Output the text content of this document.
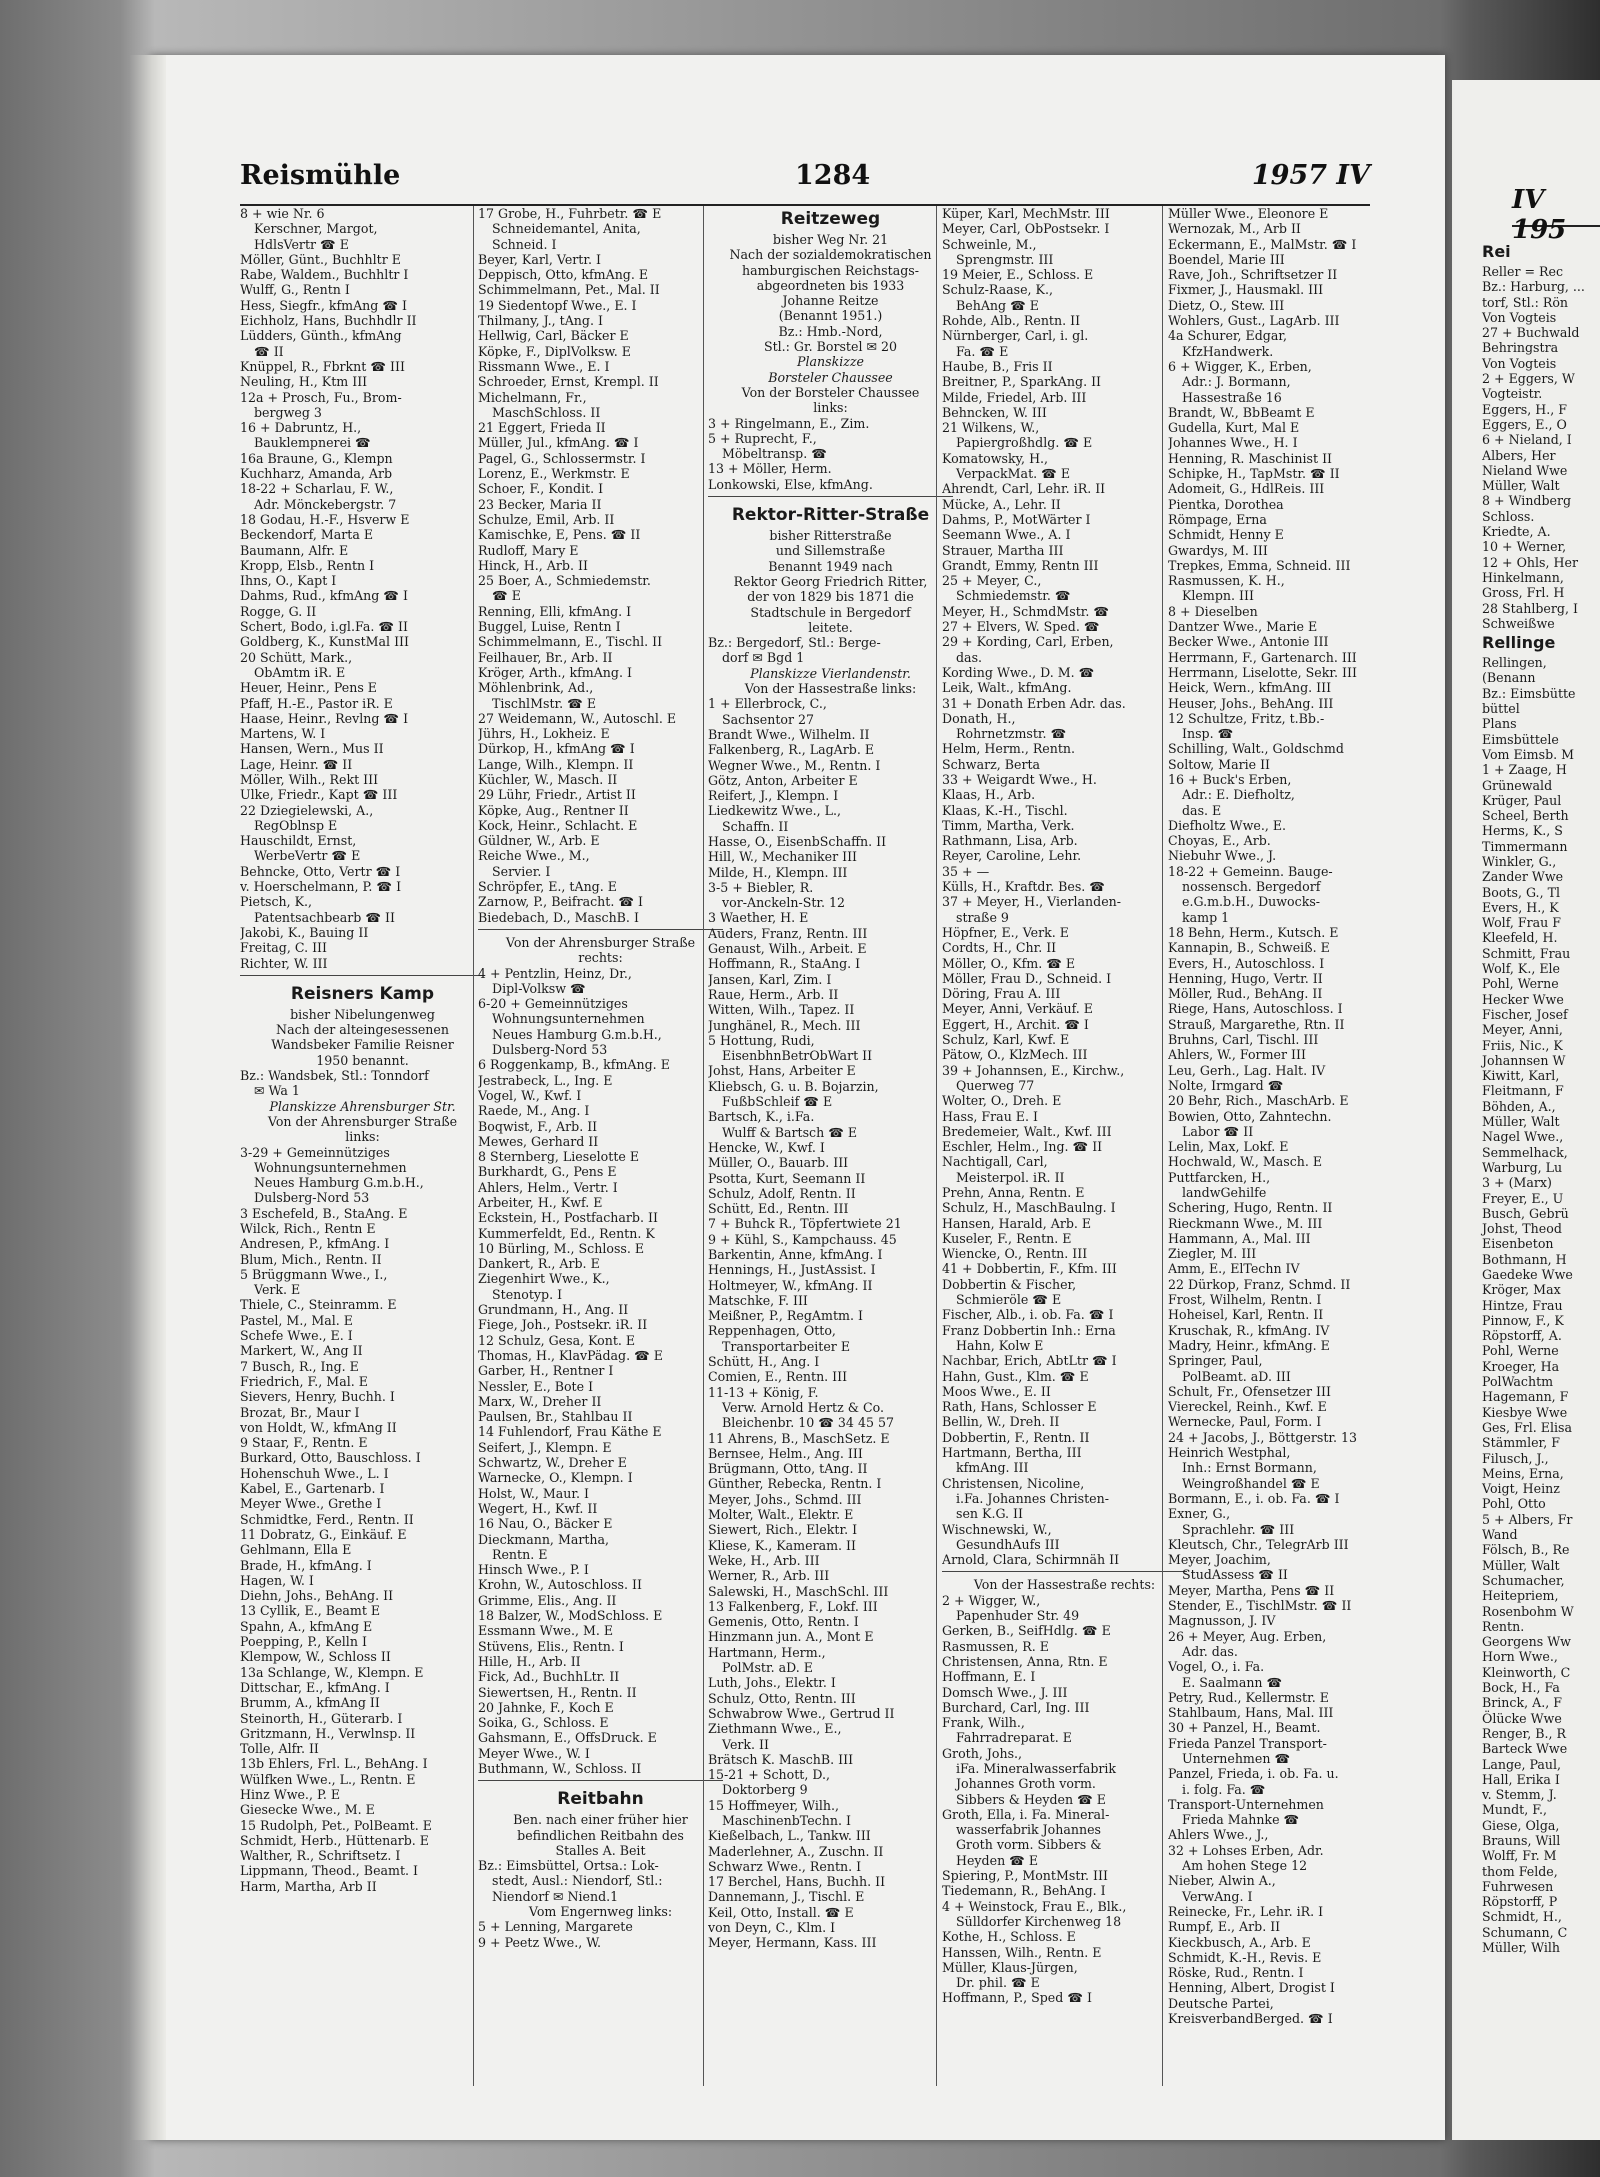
IV 195

Rei

Reller = Rec

Bz.: Harburg, ...

torf, Stl.: Rön

Von Vogteis

27 + Buchwald

Behringstra

Von Vogteis

2 + Eggers, W

Vogteistr.

Eggers, H., F

Eggers, E., O

6 + Nieland, I

Albers, Her

Nieland Wwe

Müller, Walt

8 + Windberg

Schloss.

Kriedte, A.

10 + Werner,

12 + Ohls, Her

Hinkelmann,

Gross, Frl. H

28 Stahlberg, I

Schweißwe

Rellinge

Rellingen,

(Benann

Bz.: Eimsbütte

büttel

Plans

Eimsbüttele

Vom Eimsb. M

1 + Zaage, H

Grünewald

Krüger, Paul

Scheel, Berth

Herms, K., S

Timmermann

Winkler, G.,

Zander Wwe

Boots, G., Tl

Evers, H., K

Wolf, Frau F

Kleefeld, H.

Schmitt, Frau

Wolf, K., Ele

Pohl, Werne

Hecker Wwe

Fischer, Josef

Meyer, Anni,

Friis, Nic., K

Johannsen W

Kiwitt, Karl,

Fleitmann, F

Böhden, A.,

Müller, Walt

Nagel Wwe.,

Semmelhack,

Warburg, Lu

3 + (Marx)

Freyer, E., U

Busch, Gebrü

Johst, Theod

Eisenbeton

Bothmann, H

Gaedeke Wwe

Kröger, Max

Hintze, Frau

Pinnow, F., K

Röpstorff, A.

Pohl, Werne

Kroeger, Ha

PolWachtm

Hagemann, F

Kiesbye Wwe

Ges, Frl. Elisa

Stämmler, F

Filusch, J.,

Meins, Erna,

Voigt, Heinz

Pohl, Otto

5 + Albers, Fr

Wand

Fölsch, B., Re

Müller, Walt

Schumacher,

Heitepriem,

Rosenbohm W

Rentn.

Georgens Ww

Horn Wwe.,

Kleinworth, C

Bock, H., Fa

Brinck, A., F

Ölücke Wwe

Renger, B., R

Barteck Wwe

Lange, Paul,

Hall, Erika I

v. Stemm, J.

Mundt, F.,

Giese, Olga,

Brauns, Will

Wolff, Fr. M

thom Felde,

Fuhrwesen

Röpstorff, P

Schmidt, H.,

Schumann, C

Müller, Wilh

Reismühle	1284	1957 IV

8 + wie Nr. 6

Kerschner, Margot,

HdlsVertr ☎ E

Möller, Günt., Buchhltr E

Rabe, Waldem., Buchhltr I

Wulff, G., Rentn I

Hess, Siegfr., kfmAng ☎ I

Eichholz, Hans, Buchhdlr II

Lüdders, Günth., kfmAng

☎ II

Knüppel, R., Fbrknt ☎ III

Neuling, H., Ktm III

12a + Prosch, Fu., Brom-

bergweg 3

16 + Dabruntz, H.,

Bauklempnerei ☎

16a Braune, G., Klempn

Kuchharz, Amanda, Arb

18-22 + Scharlau, F. W.,

Adr. Mönckebergstr. 7

18 Godau, H.-F., Hsverw E

Beckendorf, Marta E

Baumann, Alfr. E

Kropp, Elsb., Rentn I

Ihns, O., Kapt I

Dahms, Rud., kfmAng ☎ I

Rogge, G. II

Schert, Bodo, i.gl.Fa. ☎ II

Goldberg, K., KunstMal III

20 Schütt, Mark.,

ObAmtm iR. E

Heuer, Heinr., Pens E

Pfaff, H.-E., Pastor iR. E

Haase, Heinr., Revlng ☎ I

Martens, W. I

Hansen, Wern., Mus II

Lage, Heinr. ☎ II

Möller, Wilh., Rekt III

Ulke, Friedr., Kapt ☎ III

22 Dziegielewski, A.,

RegOblnsp E

Hauschildt, Ernst,

WerbeVertr ☎ E

Behncke, Otto, Vertr ☎ I

v. Hoerschelmann, P. ☎ I

Pietsch, K.,

Patentsachbearb ☎ II

Jakobi, K., Bauing II

Freitag, C. III

Richter, W. III

Reisners Kamp

bisher Nibelungenweg

Nach der alteingesessenen

Wandsbeker Familie Reisner

1950 benannt.

Bz.: Wandsbek, Stl.: Tonndorf

✉ Wa 1

Planskizze Ahrensburger Str.

Von der Ahrensburger Straße

links:

3-29 + Gemeinnütziges

Wohnungsunternehmen

Neues Hamburg G.m.b.H.,

Dulsberg-Nord 53

3 Eschefeld, B., StaAng. E

Wilck, Rich., Rentn E

Andresen, P., kfmAng. I

Blum, Mich., Rentn. II

5 Brüggmann Wwe., I.,

Verk. E

Thiele, C., Steinramm. E

Pastel, M., Mal. E

Schefe Wwe., E. I

Markert, W., Ang II

7 Busch, R., Ing. E

Friedrich, F., Mal. E

Sievers, Henry, Buchh. I

Brozat, Br., Maur I

von Holdt, W., kfmAng II

9 Staar, F., Rentn. E

Burkard, Otto, Bauschloss. I

Hohenschuh Wwe., L. I

Kabel, E., Gartenarb. I

Meyer Wwe., Grethe I

Schmidtke, Ferd., Rentn. II

11 Dobratz, G., Einkäuf. E

Gehlmann, Ella E

Brade, H., kfmAng. I

Hagen, W. I

Diehn, Johs., BehAng. II

13 Cyllik, E., Beamt E

Spahn, A., kfmAng E

Poepping, P., Kelln I

Klempow, W., Schloss II

13a Schlange, W., Klempn. E

Dittschar, E., kfmAng. I

Brumm, A., kfmAng II

Steinorth, H., Güterarb. I

Gritzmann, H., Verwlnsp. II

Tolle, Alfr. II

13b Ehlers, Frl. L., BehAng. I

Wülfken Wwe., L., Rentn. E

Hinz Wwe., P. E

Giesecke Wwe., M. E

15 Rudolph, Pet., PolBeamt. E

Schmidt, Herb., Hüttenarb. E

Walther, R., Schriftsetz. I

Lippmann, Theod., Beamt. I

Harm, Martha, Arb II

17 Grobe, H., Fuhrbetr. ☎ E

Schneidemantel, Anita,

Schneid. I

Beyer, Karl, Vertr. I

Deppisch, Otto, kfmAng. E

Schimmelmann, Pet., Mal. II

19 Siedentopf Wwe., E. I

Thilmany, J., tAng. I

Hellwig, Carl, Bäcker E

Köpke, F., DiplVolksw. E

Rissmann Wwe., E. I

Schroeder, Ernst, Krempl. II

Michelmann, Fr.,

MaschSchloss. II

21 Eggert, Frieda II

Müller, Jul., kfmAng. ☎ I

Pagel, G., Schlossermstr. I

Lorenz, E., Werkmstr. E

Schoer, F., Kondit. I

23 Becker, Maria II

Schulze, Emil, Arb. II

Kamischke, E, Pens. ☎ II

Rudloff, Mary E

Hinck, H., Arb. II

25 Boer, A., Schmiedemstr.

☎ E

Renning, Elli, kfmAng. I

Buggel, Luise, Rentn I

Schimmelmann, E., Tischl. II

Feilhauer, Br., Arb. II

Kröger, Arth., kfmAng. I

Möhlenbrink, Ad.,

TischlMstr. ☎ E

27 Weidemann, W., Autoschl. E

Jührs, H., Lokheiz. E

Dürkop, H., kfmAng ☎ I

Lange, Wilh., Klempn. II

Küchler, W., Masch. II

29 Lühr, Friedr., Artist II

Köpke, Aug., Rentner II

Kock, Heinr., Schlacht. E

Güldner, W., Arb. E

Reiche Wwe., M.,

Servier. I

Schröpfer, E., tAng. E

Zarnow, P., Beifracht. ☎ I

Biedebach, D., MaschB. I

Von der Ahrensburger Straße

rechts:

4 + Pentzlin, Heinz, Dr.,

Dipl-Volksw ☎

6-20 + Gemeinnütziges

Wohnungsunternehmen

Neues Hamburg G.m.b.H.,

Dulsberg-Nord 53

6 Roggenkamp, B., kfmAng. E

Jestrabeck, L., Ing. E

Vogel, W., Kwf. I

Raede, M., Ang. I

Boqwist, F., Arb. II

Mewes, Gerhard II

8 Sternberg, Lieselotte E

Burkhardt, G., Pens E

Ahlers, Helm., Vertr. I

Arbeiter, H., Kwf. E

Eckstein, H., Postfacharb. II

Kummerfeldt, Ed., Rentn. K

10 Bürling, M., Schloss. E

Dankert, R., Arb. E

Ziegenhirt Wwe., K.,

Stenotyp. I

Grundmann, H., Ang. II

Fiege, Joh., Postsekr. iR. II

12 Schulz, Gesa, Kont. E

Thomas, H., KlavPädag. ☎ E

Garber, H., Rentner I

Nessler, E., Bote I

Marx, W., Dreher II

Paulsen, Br., Stahlbau II

14 Fuhlendorf, Frau Käthe E

Seifert, J., Klempn. E

Schwartz, W., Dreher E

Warnecke, O., Klempn. I

Holst, W., Maur. I

Wegert, H., Kwf. II

16 Nau, O., Bäcker E

Dieckmann, Martha,

Rentn. E

Hinsch Wwe., P. I

Krohn, W., Autoschloss. II

Grimme, Elis., Ang. II

18 Balzer, W., ModSchloss. E

Essmann Wwe., M. E

Stüvens, Elis., Rentn. I

Hille, H., Arb. II

Fick, Ad., BuchhLtr. II

Siewertsen, H., Rentn. II

20 Jahnke, F., Koch E

Soika, G., Schloss. E

Gahsmann, E., OffsDruck. E

Meyer Wwe., W. I

Buthmann, W., Schloss. II

Reitbahn

Ben. nach einer früher hier

befindlichen Reitbahn des

Stalles A. Beit

Bz.: Eimsbüttel, Ortsa.: Lok-

stedt, Ausl.: Niendorf, Stl.:

Niendorf ✉ Niend.1

Vom Engernweg links:

5 + Lenning, Margarete

9 + Peetz Wwe., W.

Reitzeweg

bisher Weg Nr. 21

Nach der sozialdemokratischen

hamburgischen Reichstags-

abgeordneten bis 1933

Johanne Reitze

(Benannt 1951.)

Bz.: Hmb.-Nord,

Stl.: Gr. Borstel ✉ 20

Planskizze

Borsteler Chaussee

Von der Borsteler Chaussee

links:

3 + Ringelmann, E., Zim.

5 + Ruprecht, F.,

Möbeltransp. ☎

13 + Möller, Herm.

Lonkowski, Else, kfmAng.

Rektor-Ritter-Straße

bisher Ritterstraße

und Sillemstraße

Benannt 1949 nach

Rektor Georg Friedrich Ritter,

der von 1829 bis 1871 die

Stadtschule in Bergedorf

leitete.

Bz.: Bergedorf, Stl.: Berge-

dorf ✉ Bgd 1

Planskizze Vierlandenstr.

Von der Hassestraße links:

1 + Ellerbrock, C.,

Sachsentor 27

Brandt Wwe., Wilhelm. II

Falkenberg, R., LagArb. E

Wegner Wwe., M., Rentn. I

Götz, Anton, Arbeiter E

Reifert, J., Klempn. I

Liedkewitz Wwe., L.,

Schaffn. II

Hasse, O., EisenbSchaffn. II

Hill, W., Mechaniker III

Milde, H., Klempn. III

3-5 + Biebler, R.

vor-Anckeln-Str. 12

3 Waether, H. E

Auders, Franz, Rentn. III

Genaust, Wilh., Arbeit. E

Hoffmann, R., StaAng. I

Jansen, Karl, Zim. I

Raue, Herm., Arb. II

Witten, Wilh., Tapez. II

Junghänel, R., Mech. III

5 Hottung, Rudi,

EisenbhnBetrObWart II

Johst, Hans, Arbeiter E

Kliebsch, G. u. B. Bojarzin,

FußbSchleif ☎ E

Bartsch, K., i.Fa.

Wulff & Bartsch ☎ E

Hencke, W., Kwf. I

Müller, O., Bauarb. III

Psotta, Kurt, Seemann II

Schulz, Adolf, Rentn. II

Schütt, Ed., Rentn. III

7 + Buhck R., Töpfertwiete 21

9 + Kühl, S., Kampchauss. 45

Barkentin, Anne, kfmAng. I

Hennings, H., JustAssist. I

Holtmeyer, W., kfmAng. II

Matschke, F. III

Meißner, P., RegAmtm. I

Reppenhagen, Otto,

Transportarbeiter E

Schütt, H., Ang. I

Comien, E., Rentn. III

11-13 + König, F.

Verw. Arnold Hertz & Co.

Bleichenbr. 10 ☎ 34 45 57

11 Ahrens, B., MaschSetz. E

Bernsee, Helm., Ang. III

Brügmann, Otto, tAng. II

Günther, Rebecka, Rentn. I

Meyer, Johs., Schmd. III

Molter, Walt., Elektr. E

Siewert, Rich., Elektr. I

Kliese, K., Kameram. II

Weke, H., Arb. III

Werner, R., Arb. III

Salewski, H., MaschSchl. III

13 Falkenberg, F., Lokf. III

Gemenis, Otto, Rentn. I

Hinzmann jun. A., Mont E

Hartmann, Herm.,

PolMstr. aD. E

Luth, Johs., Elektr. I

Schulz, Otto, Rentn. III

Schwabrow Wwe., Gertrud II

Ziethmann Wwe., E.,

Verk. II

Brätsch K. MaschB. III

15-21 + Schott, D.,

Doktorberg 9

15 Hoffmeyer, Wilh.,

MaschinenbTechn. I

Kießelbach, L., Tankw. III

Maderlehner, A., Zuschn. II

Schwarz Wwe., Rentn. I

17 Berchel, Hans, Buchh. II

Dannemann, J., Tischl. E

Keil, Otto, Install. ☎ E

von Deyn, C., Klm. I

Meyer, Hermann, Kass. III

Küper, Karl, MechMstr. III

Meyer, Carl, ObPostsekr. I

Schweinle, M.,

Sprengmstr. III

19 Meier, E., Schloss. E

Schulz-Raase, K.,

BehAng ☎ E

Rohde, Alb., Rentn. II

Nürnberger, Carl, i. gl.

Fa. ☎ E

Haube, B., Fris II

Breitner, P., SparkAng. II

Milde, Friedel, Arb. III

Behncken, W. III

21 Wilkens, W.,

Papiergroßhdlg. ☎ E

Komatowsky, H.,

VerpackMat. ☎ E

Ahrendt, Carl, Lehr. iR. II

Mücke, A., Lehr. II

Dahms, P., MotWärter I

Seemann Wwe., A. I

Strauer, Martha III

Grandt, Emmy, Rentn III

25 + Meyer, C.,

Schmiedemstr. ☎

Meyer, H., SchmdMstr. ☎

27 + Elvers, W. Sped. ☎

29 + Kording, Carl, Erben,

das.

Kording Wwe., D. M. ☎

Leik, Walt., kfmAng.

31 + Donath Erben Adr. das.

Donath, H.,

Rohrnetzmstr. ☎

Helm, Herm., Rentn.

Schwarz, Berta

33 + Weigardt Wwe., H.

Klaas, H., Arb.

Klaas, K.-H., Tischl.

Timm, Martha, Verk.

Rathmann, Lisa, Arb.

Reyer, Caroline, Lehr.

35 + —

Külls, H., Kraftdr. Bes. ☎

37 + Meyer, H., Vierlanden-

straße 9

Höpfner, E., Verk. E

Cordts, H., Chr. II

Möller, O., Kfm. ☎ E

Möller, Frau D., Schneid. I

Döring, Frau A. III

Meyer, Anni, Verkäuf. E

Eggert, H., Archit. ☎ I

Schulz, Karl, Kwf. E

Pätow, O., KlzMech. III

39 + Johannsen, E., Kirchw.,

Querweg 77

Wolter, O., Dreh. E

Hass, Frau E. I

Bredemeier, Walt., Kwf. III

Eschler, Helm., Ing. ☎ II

Nachtigall, Carl,

Meisterpol. iR. II

Prehn, Anna, Rentn. E

Schulz, H., MaschBaulng. I

Hansen, Harald, Arb. E

Kuseler, F., Rentn. E

Wiencke, O., Rentn. III

41 + Dobbertin, F., Kfm. III

Dobbertin & Fischer,

Schmieröle ☎ E

Fischer, Alb., i. ob. Fa. ☎ I

Franz Dobbertin Inh.: Erna

Hahn, Kolw E

Nachbar, Erich, AbtLtr ☎ I

Hahn, Gust., Klm. ☎ E

Moos Wwe., E. II

Rath, Hans, Schlosser E

Bellin, W., Dreh. II

Dobbertin, F., Rentn. II

Hartmann, Bertha, III

kfmAng. III

Christensen, Nicoline,

i.Fa. Johannes Christen-

sen K.G. II

Wischnewski, W.,

GesundhAufs III

Arnold, Clara, Schirmnäh II

Von der Hassestraße rechts:

2 + Wigger, W.,

Papenhuder Str. 49

Gerken, B., SeifHdlg. ☎ E

Rasmussen, R. E

Christensen, Anna, Rtn. E

Hoffmann, E. I

Domsch Wwe., J. III

Burchard, Carl, Ing. III

Frank, Wilh.,

Fahrradreparat. E

Groth, Johs.,

iFa. Mineralwasserfabrik

Johannes Groth vorm.

Sibbers & Heyden ☎ E

Groth, Ella, i. Fa. Mineral-

wasserfabrik Johannes

Groth vorm. Sibbers &

Heyden ☎ E

Spiering, P., MontMstr. III

Tiedemann, R., BehAng. I

4 + Weinstock, Frau E., Blk.,

Sülldorfer Kirchenweg 18

Kothe, H., Schloss. E

Hanssen, Wilh., Rentn. E

Müller, Klaus-Jürgen,

Dr. phil. ☎ E

Hoffmann, P., Sped ☎ I

Müller Wwe., Eleonore E

Wernozak, M., Arb II

Eckermann, E., MalMstr. ☎ I

Boendel, Marie III

Rave, Joh., Schriftsetzer II

Fixmer, J., Hausmakl. III

Dietz, O., Stew. III

Wohlers, Gust., LagArb. III

4a Schurer, Edgar,

KfzHandwerk.

6 + Wigger, K., Erben,

Adr.: J. Bormann,

Hassestraße 16

Brandt, W., BbBeamt E

Gudella, Kurt, Mal E

Johannes Wwe., H. I

Henning, R. Maschinist II

Schipke, H., TapMstr. ☎ II

Adomeit, G., HdlReis. III

Pientka, Dorothea

Römpage, Erna

Schmidt, Henny E

Gwardys, M. III

Trepkes, Emma, Schneid. III

Rasmussen, K. H.,

Klempn. III

8 + Dieselben

Dantzer Wwe., Marie E

Becker Wwe., Antonie III

Herrmann, F., Gartenarch. III

Herrmann, Liselotte, Sekr. III

Heick, Wern., kfmAng. III

Heuser, Johs., BehAng. III

12 Schultze, Fritz, t.Bb.-

Insp. ☎

Schilling, Walt., Goldschmd

Soltow, Marie II

16 + Buck's Erben,

Adr.: E. Diefholtz,

das. E

Diefholtz Wwe., E.

Choyas, E., Arb.

Niebuhr Wwe., J.

18-22 + Gemeinn. Bauge-

nossensch. Bergedorf

e.G.m.b.H., Duwocks-

kamp 1

18 Behn, Herm., Kutsch. E

Kannapin, B., Schweiß. E

Evers, H., Autoschloss. I

Henning, Hugo, Vertr. II

Möller, Rud., BehAng. II

Riege, Hans, Autoschloss. I

Strauß, Margarethe, Rtn. II

Bruhns, Carl, Tischl. III

Ahlers, W., Former III

Leu, Gerh., Lag. Halt. IV

Nolte, Irmgard ☎

20 Behr, Rich., MaschArb. E

Bowien, Otto, Zahntechn.

Labor ☎ II

Lelin, Max, Lokf. E

Hochwald, W., Masch. E

Puttfarcken, H.,

landwGehilfe

Schering, Hugo, Rentn. II

Rieckmann Wwe., M. III

Hammann, A., Mal. III

Ziegler, M. III

Amm, E., ElTechn IV

22 Dürkop, Franz, Schmd. II

Frost, Wilhelm, Rentn. I

Hoheisel, Karl, Rentn. II

Kruschak, R., kfmAng. IV

Madry, Heinr., kfmAng. E

Springer, Paul,

PolBeamt. aD. III

Schult, Fr., Ofensetzer III

Viereckel, Reinh., Kwf. E

Wernecke, Paul, Form. I

24 + Jacobs, J., Böttgerstr. 13

Heinrich Westphal,

Inh.: Ernst Bormann,

Weingroßhandel ☎ E

Bormann, E., i. ob. Fa. ☎ I

Exner, G.,

Sprachlehr. ☎ III

Kleutsch, Chr., TelegrArb III

Meyer, Joachim,

StudAssess ☎ II

Meyer, Martha, Pens ☎ II

Stender, E., TischlMstr. ☎ II

Magnusson, J. IV

26 + Meyer, Aug. Erben,

Adr. das.

Vogel, O., i. Fa.

E. Saalmann ☎

Petry, Rud., Kellermstr. E

Stahlbaum, Hans, Mal. III

30 + Panzel, H., Beamt.

Frieda Panzel Transport-

Unternehmen ☎

Panzel, Frieda, i. ob. Fa. u.

i. folg. Fa. ☎

Transport-Unternehmen

Frieda Mahnke ☎

Ahlers Wwe., J.,

32 + Lohses Erben, Adr.

Am hohen Stege 12

Nieber, Alwin A.,

VerwAng. I

Reinecke, Fr., Lehr. iR. I

Rumpf, E., Arb. II

Kieckbusch, A., Arb. E

Schmidt, K.-H., Revis. E

Röske, Rud., Rentn. I

Henning, Albert, Drogist I

Deutsche Partei,

KreisverbandBerged. ☎ I
